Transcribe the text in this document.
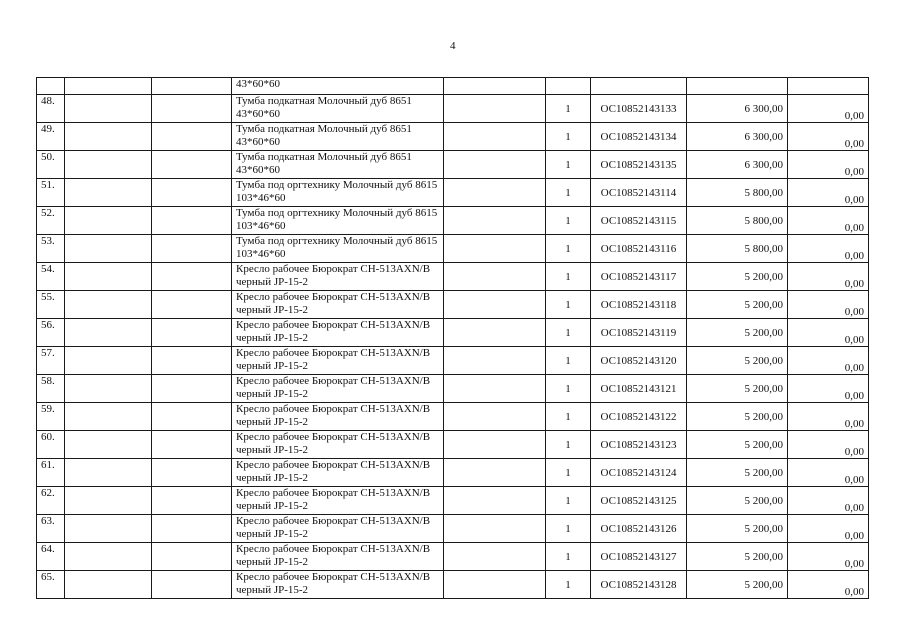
4
			43*60*60					
48.			Тумба подкатная Молочный дуб 8651 43*60*60		1	ОС10852143133	6 300,00	0,00
49.			Тумба подкатная Молочный дуб 8651 43*60*60		1	ОС10852143134	6 300,00	0,00
50.			Тумба подкатная Молочный дуб 8651 43*60*60		1	ОС10852143135	6 300,00	0,00
51.			Тумба под оргтехнику Молочный дуб 8615 103*46*60		1	ОС10852143114	5 800,00	0,00
52.			Тумба под оргтехнику Молочный дуб 8615 103*46*60		1	ОС10852143115	5 800,00	0,00
53.			Тумба под оргтехнику Молочный дуб 8615 103*46*60		1	ОС10852143116	5 800,00	0,00
54.			Кресло рабочее Бюрократ CH-513AXN/B черный JP-15-2		1	ОС10852143117	5 200,00	0,00
55.			Кресло рабочее Бюрократ CH-513AXN/B черный JP-15-2		1	ОС10852143118	5 200,00	0,00
56.			Кресло рабочее Бюрократ CH-513AXN/B черный JP-15-2		1	ОС10852143119	5 200,00	0,00
57.			Кресло рабочее Бюрократ CH-513AXN/B черный JP-15-2		1	ОС10852143120	5 200,00	0,00
58.			Кресло рабочее Бюрократ CH-513AXN/B черный JP-15-2		1	ОС10852143121	5 200,00	0,00
59.			Кресло рабочее Бюрократ CH-513AXN/B черный JP-15-2		1	ОС10852143122	5 200,00	0,00
60.			Кресло рабочее Бюрократ CH-513AXN/B черный JP-15-2		1	ОС10852143123	5 200,00	0,00
61.			Кресло рабочее Бюрократ CH-513AXN/B черный JP-15-2		1	ОС10852143124	5 200,00	0,00
62.			Кресло рабочее Бюрократ CH-513AXN/B черный JP-15-2		1	ОС10852143125	5 200,00	0,00
63.			Кресло рабочее Бюрократ CH-513AXN/B черный JP-15-2		1	ОС10852143126	5 200,00	0,00
64.			Кресло рабочее Бюрократ CH-513AXN/B черный JP-15-2		1	ОС10852143127	5 200,00	0,00
65.			Кресло рабочее Бюрократ CH-513AXN/B черный JP-15-2		1	ОС10852143128	5 200,00	0,00
